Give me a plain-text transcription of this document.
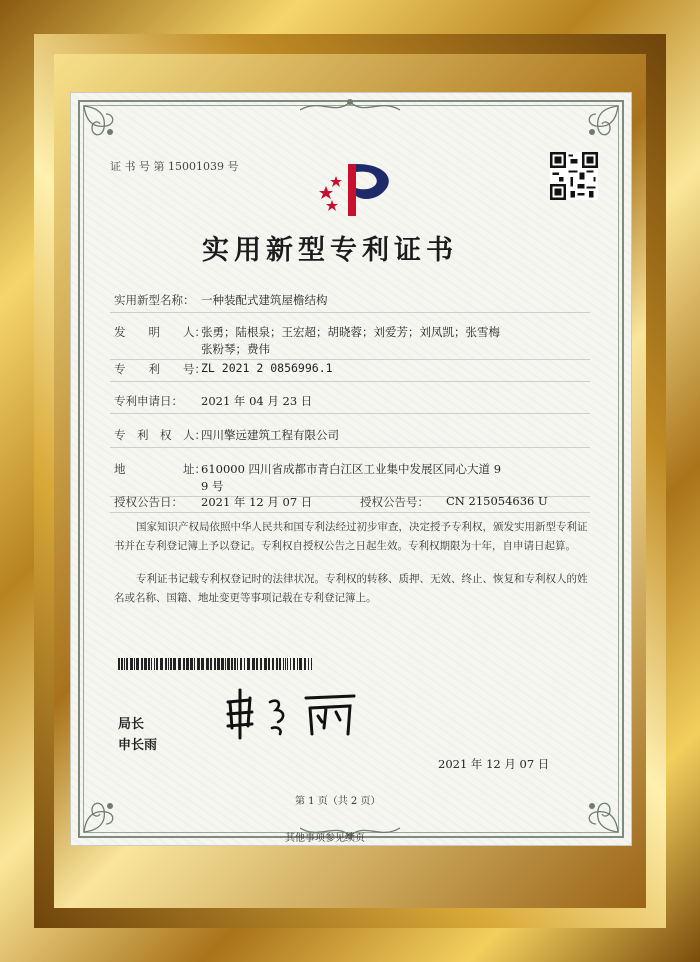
证 书 号 第 15001039 号
实用新型专利证书
实用新型名称： 一种装配式建筑屋檐结构
发　　明　　人：
张勇；陆根泉；王宏超；胡晓蓉；刘爱芳；刘凤凯；张雪梅
张粉琴；费伟
专　　利　　号：
ZL 2021 2 0856996.1
专利申请日： 2021 年 04 月 23 日
专　利　权　人：
四川擎远建筑工程有限公司
地　　　　　址：
610000 四川省成都市青白江区工业集中发展区同心大道 9
9 号
授权公告日： 2021 年 12 月 07 日	授权公告号： CN 215054636 U
国家知识产权局依照中华人民共和国专利法经过初步审查，决定授予专利权，颁发实用新型专利证书并在专利登记簿上予以登记。专利权自授权公告之日起生效。专利权期限为十年，自申请日起算。
专利证书记载专利权登记时的法律状况。专利权的转移、质押、无效、终止、恢复和专利权人的姓名或名称、国籍、地址变更等事项记载在专利登记簿上。
局长
申长雨
2021 年 12 月 07 日
第 1 页（共 2 页）
其他事项参见续页
